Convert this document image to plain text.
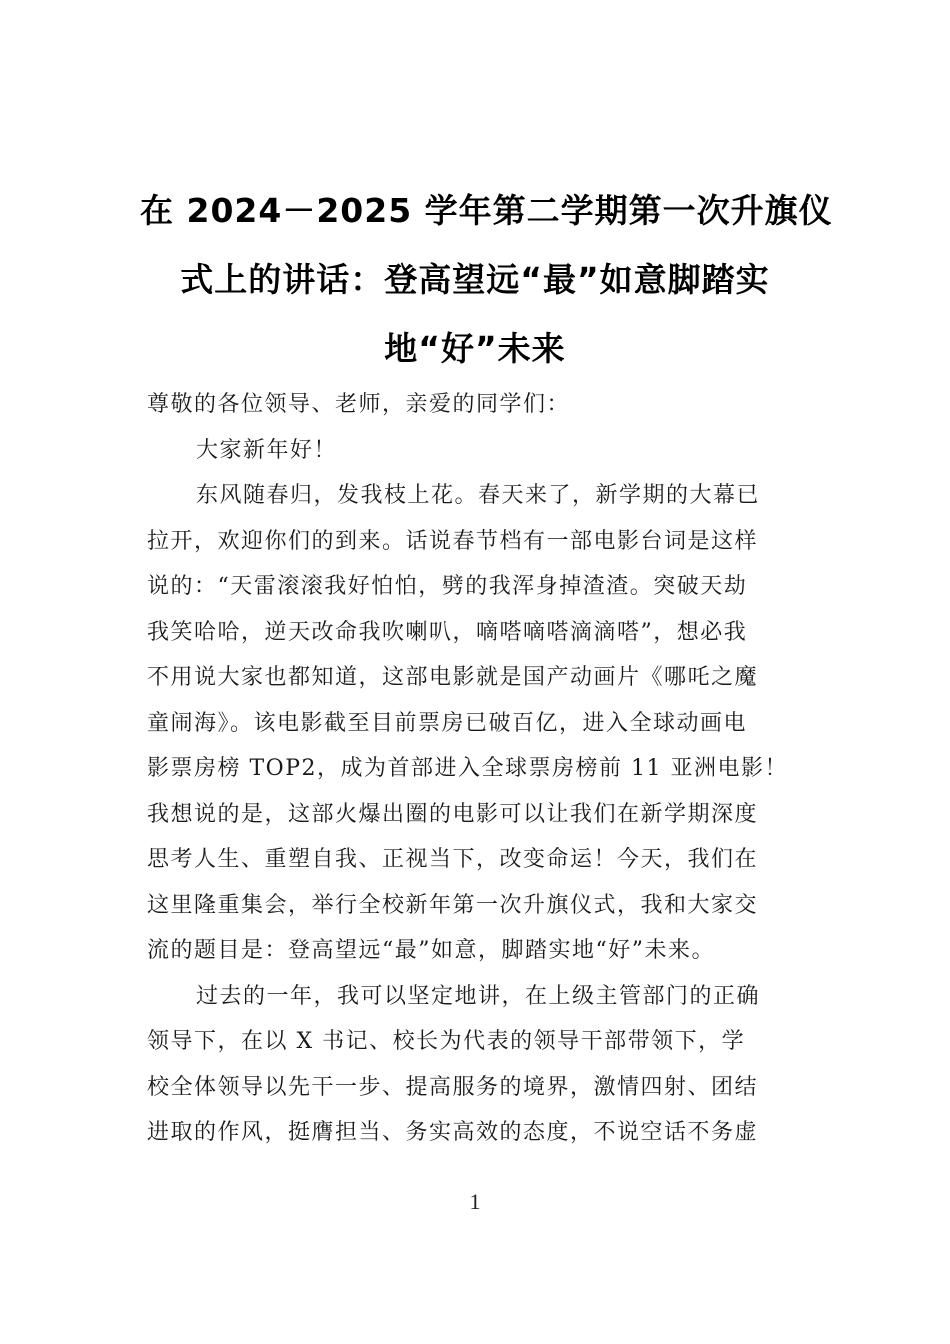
在 2024－2025 学年第二学期第一次升旗仪
式上的讲话：登高望远“最”如意脚踏实
地“好”未来

尊敬的各位领导、老师，亲爱的同学们：

大家新年好！

东风随春归，发我枝上花。春天来了，新学期的大幕已
拉开，欢迎你们的到来。话说春节档有一部电影台词是这样
说的：“天雷滚滚我好怕怕，劈的我浑身掉渣渣。突破天劫
我笑哈哈，逆天改命我吹喇叭，嘀嗒嘀嗒滴滴嗒”，想必我
不用说大家也都知道，这部电影就是国产动画片《哪吒之魔
童闹海》。该电影截至目前票房已破百亿，进入全球动画电
影票房榜 TOP2，成为首部进入全球票房榜前 11 亚洲电影！
我想说的是，这部火爆出圈的电影可以让我们在新学期深度
思考人生、重塑自我、正视当下，改变命运！今天，我们在
这里隆重集会，举行全校新年第一次升旗仪式，我和大家交
流的题目是：登高望远“最”如意，脚踏实地“好”未来。

过去的一年，我可以坚定地讲，在上级主管部门的正确
领导下，在以 X 书记、校长为代表的领导干部带领下，学
校全体领导以先干一步、提高服务的境界，激情四射、团结
进取的作风，挺膺担当、务实高效的态度，不说空话不务虚

1
